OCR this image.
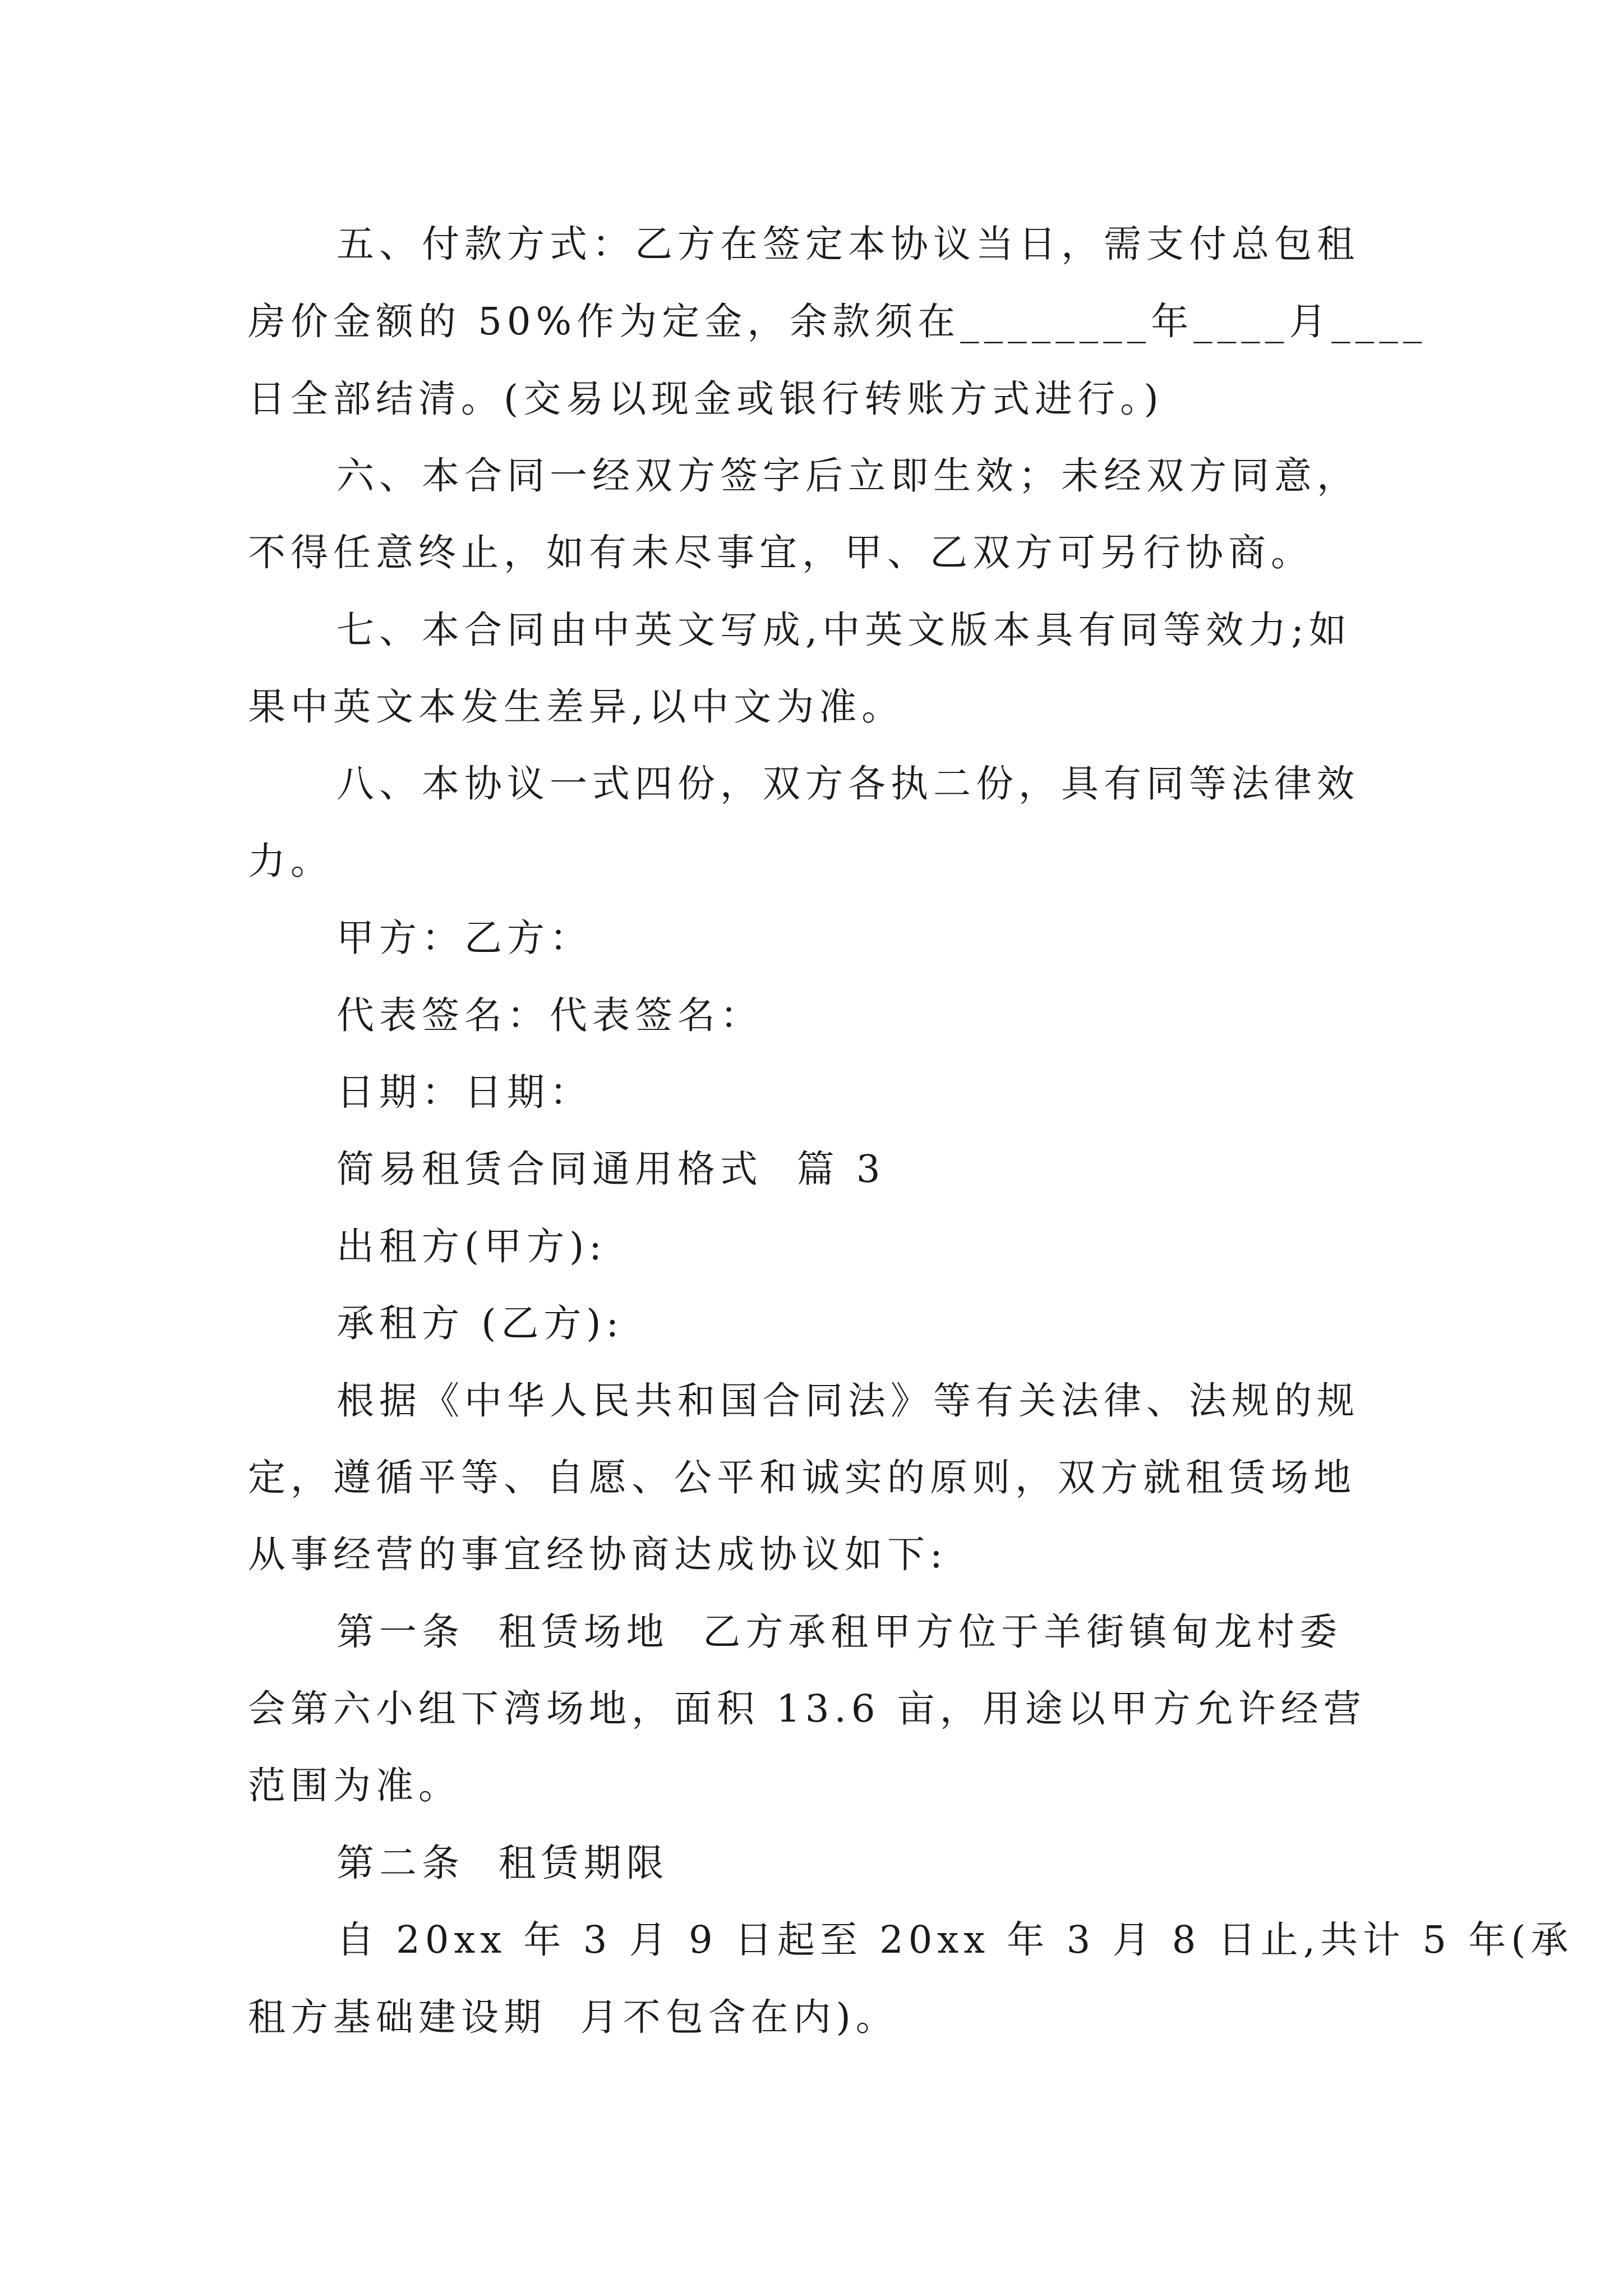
五、付款方式：乙方在签定本协议当日，需支付总包租
房价金额的 50%作为定金，余款须在________年____月____
日全部结清。(交易以现金或银行转账方式进行。)
六、本合同一经双方签字后立即生效；未经双方同意，
不得任意终止，如有未尽事宜，甲、乙双方可另行协商。
七、本合同由中英文写成,中英文版本具有同等效力;如
果中英文本发生差异,以中文为准。
八、本协议一式四份，双方各执二份，具有同等法律效
力。
甲方：乙方：
代表签名：代表签名：
日期：日期：
简易租赁合同通用格式  篇 3
出租方(甲方):
承租方 (乙方):
根据《中华人民共和国合同法》等有关法律、法规的规
定，遵循平等、自愿、公平和诚实的原则，双方就租赁场地
从事经营的事宜经协商达成协议如下:
第一条  租赁场地  乙方承租甲方位于羊街镇甸龙村委
会第六小组下湾场地，面积 13.6 亩，用途以甲方允许经营
范围为准。
第二条  租赁期限
自 20xx 年 3 月 9 日起至 20xx 年 3 月 8 日止,共计 5 年(承
租方基础建设期  月不包含在内)。
